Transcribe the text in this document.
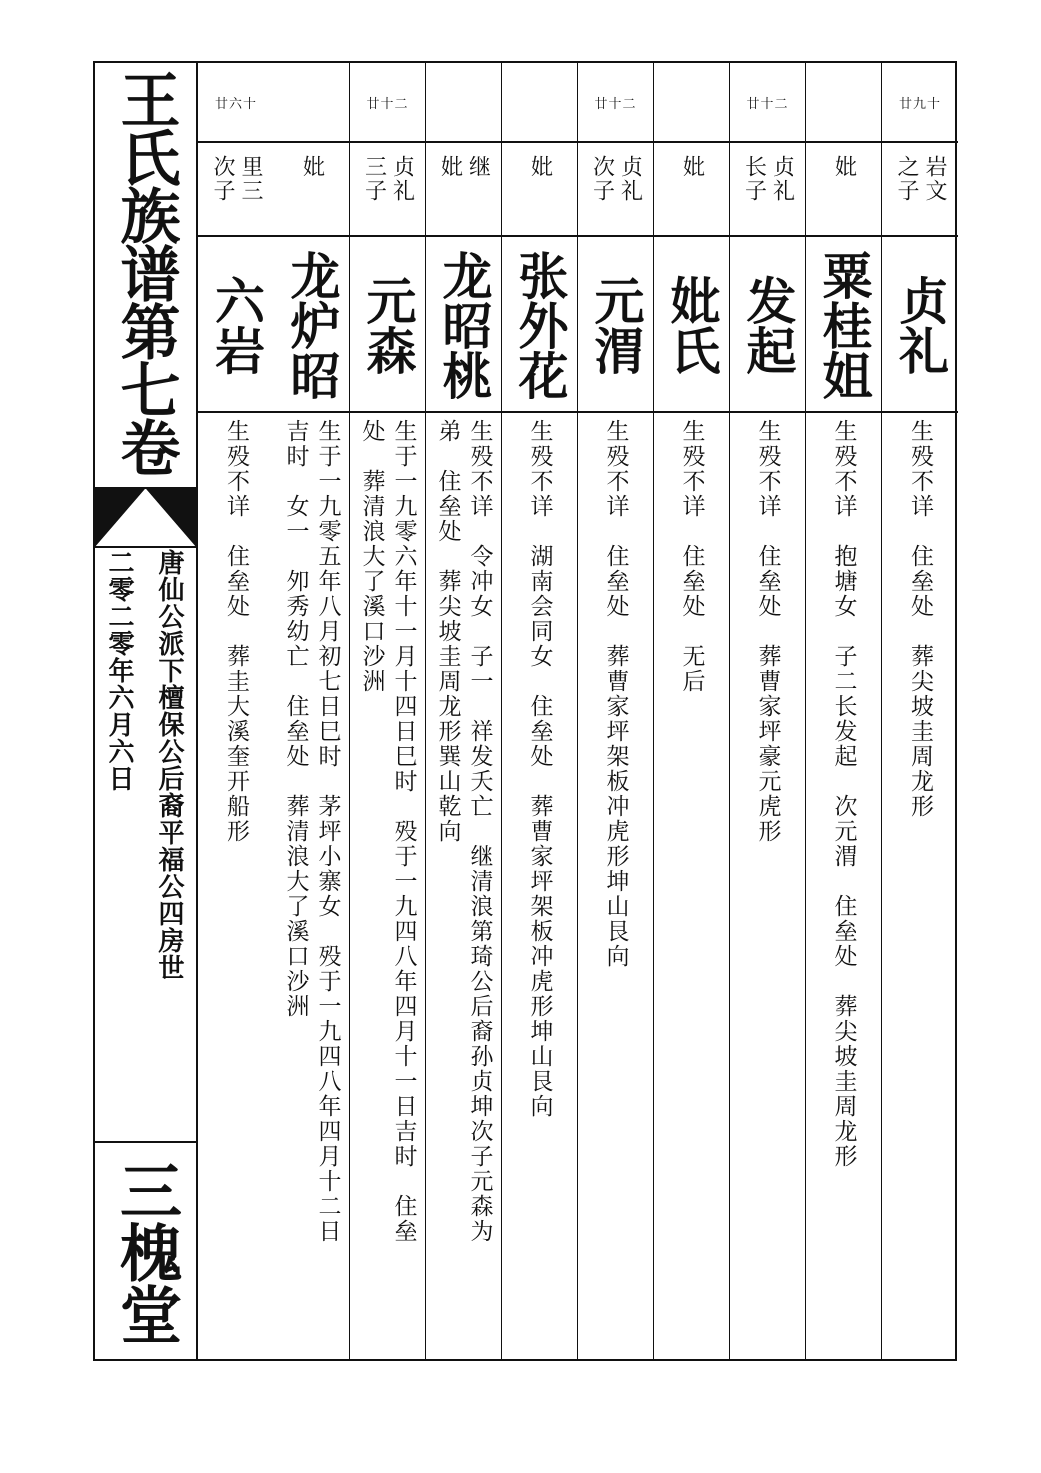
王氏族谱第七卷
唐仙公派下檀保公后裔平福公四房世
二零二零年六月六日
三槐堂
廿九十
岩文
之子
贞礼
生殁不详　住垒处　葬尖坡圭周龙形
妣
粟桂姐
生殁不详　抱塘女　子二长发起　次元渭　住垒处　葬尖坡圭周龙形
廿十二
贞礼
长子
发起
生殁不详　住垒处　葬曹家坪豪元虎形
妣
妣氏
生殁不详　住垒处　无后
廿十二
贞礼
次子
元渭
生殁不详　住垒处　葬曹家坪架板冲虎形坤山艮向
妣
张外花
生殁不详　湖南会同女　住垒处　葬曹家坪架板冲虎形坤山艮向
继
妣
龙昭桃
生殁不详　令冲女　子一　祥发夭亡　继清浪第琦公后裔孙贞坤次子元森为
弟　住垒处　葬尖坡圭周龙形巽山乾向
廿十二
贞礼
三子
元森
生于一九零六年十一月十四日巳时　殁于一九四八年四月十一日吉时　住垒
处　葬清浪大了溪口沙洲
妣
龙炉昭
生于一九零五年八月初七日巳时　茅坪小寨女　殁于一九四八年四月十二日
吉时　女一　夘秀幼亡　住垒处　葬清浪大了溪口沙洲
廿六十
里三
次子
六岩
生殁不详　住垒处　葬圭大溪奎开船形
